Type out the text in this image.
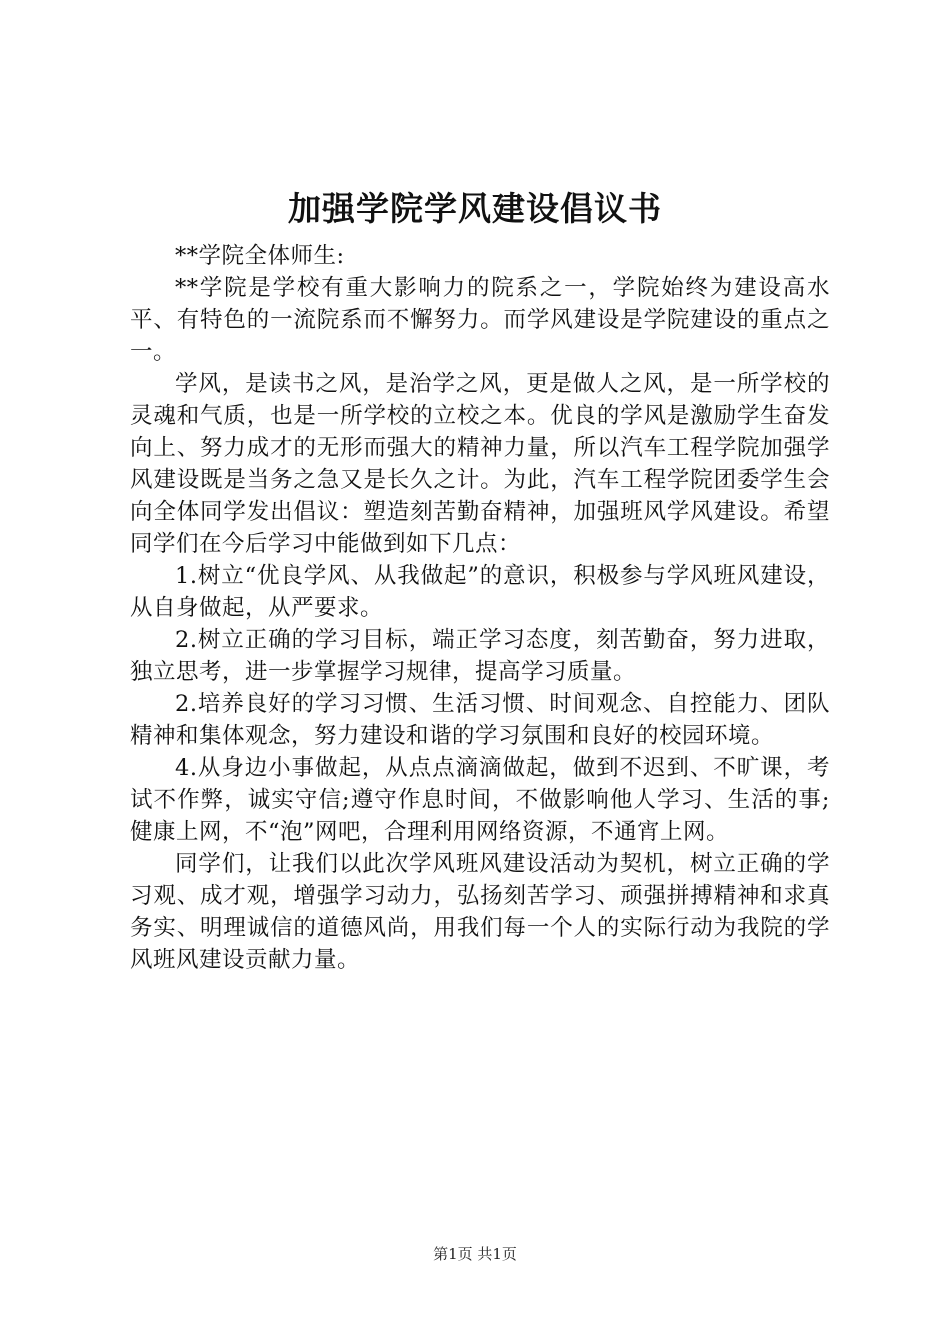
加强学院学风建设倡议书

**学院全体师生:

**学院是学校有重大影响力的院系之一，学院始终为建设高水平、有特色的一流院系而不懈努力。而学风建设是学院建设的重点之一。

学风，是读书之风，是治学之风，更是做人之风，是一所学校的灵魂和气质，也是一所学校的立校之本。优良的学风是激励学生奋发向上、努力成才的无形而强大的精神力量，所以汽车工程学院加强学风建设既是当务之急又是长久之计。为此，汽车工程学院团委学生会向全体同学发出倡议：塑造刻苦勤奋精神，加强班风学风建设。希望同学们在今后学习中能做到如下几点：

1.树立“优良学风、从我做起”的意识，积极参与学风班风建设，从自身做起，从严要求。

2.树立正确的学习目标，端正学习态度，刻苦勤奋，努力进取，独立思考，进一步掌握学习规律，提高学习质量。

2.培养良好的学习习惯、生活习惯、时间观念、自控能力、团队精神和集体观念，努力建设和谐的学习氛围和良好的校园环境。

4.从身边小事做起，从点点滴滴做起，做到不迟到、不旷课，考试不作弊，诚实守信;遵守作息时间，不做影响他人学习、生活的事;健康上网，不“泡”网吧，合理利用网络资源，不通宵上网。

同学们，让我们以此次学风班风建设活动为契机，树立正确的学习观、成才观，增强学习动力，弘扬刻苦学习、顽强拼搏精神和求真务实、明理诚信的道德风尚，用我们每一个人的实际行动为我院的学风班风建设贡献力量。

第1页 共1页
